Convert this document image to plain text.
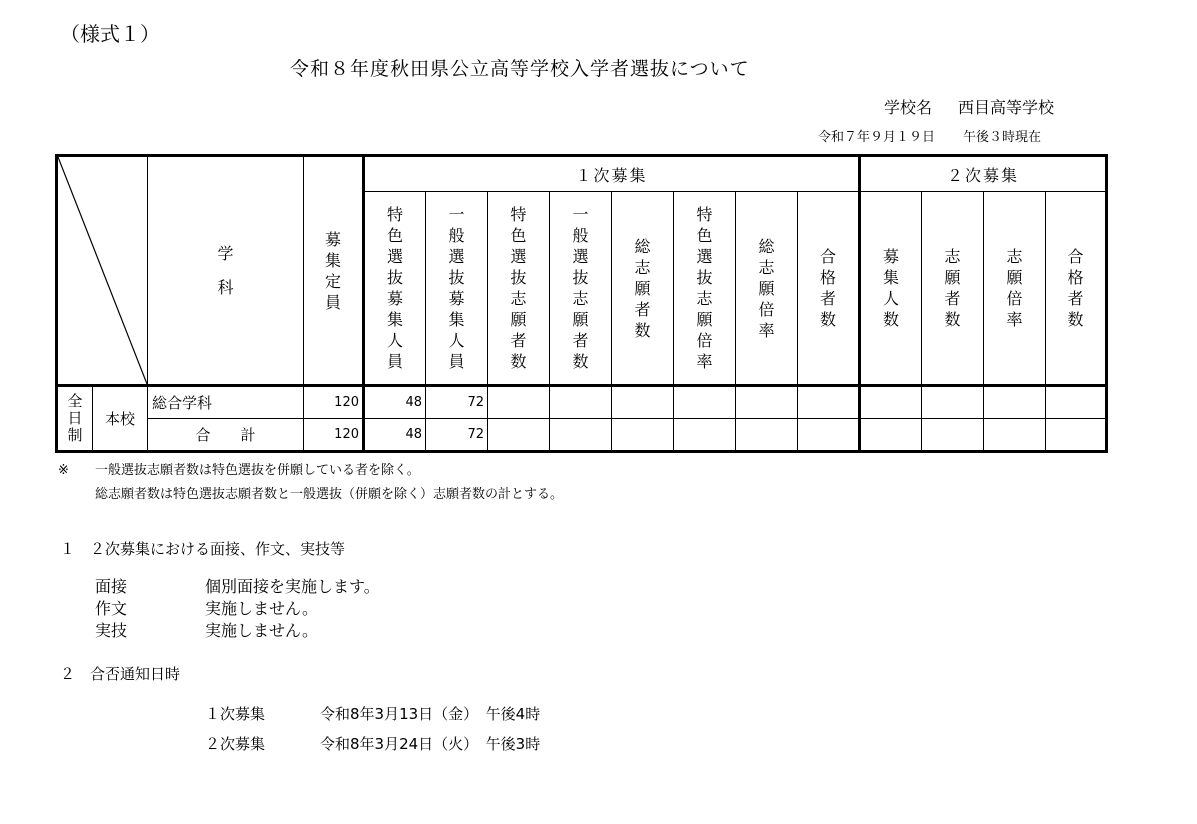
（様式１）
令和８年度秋田県公立高等学校入学者選抜について
学校名 西目高等学校
令和７年９月１９日 午後３時現在
	学　科	募集定員	１次募集								２次募集			
				特色選抜募集人員	一般選抜募集人員	特色選抜志願者数	一般選抜志願者数	総志願者数	特色選抜志願倍率	総志願倍率	合格者数	募集人数	志願者数	志願倍率	合格者数
全日制	本校	総合学科	120	48	72										
		合　　計	120	48	72										
※ 一般選抜志願者数は特色選抜を併願している者を除く。
総志願者数は特色選抜志願者数と一般選抜（併願を除く）志願者数の計とする。
１　２次募集における面接、作文、実技等
面接	個別面接を実施します。
作文	実施しません。
実技	実施しません。
２　合否通知日時
１次募集	令和8年3月13日（金）　午後4時
２次募集	令和8年3月24日（火）　午後3時
